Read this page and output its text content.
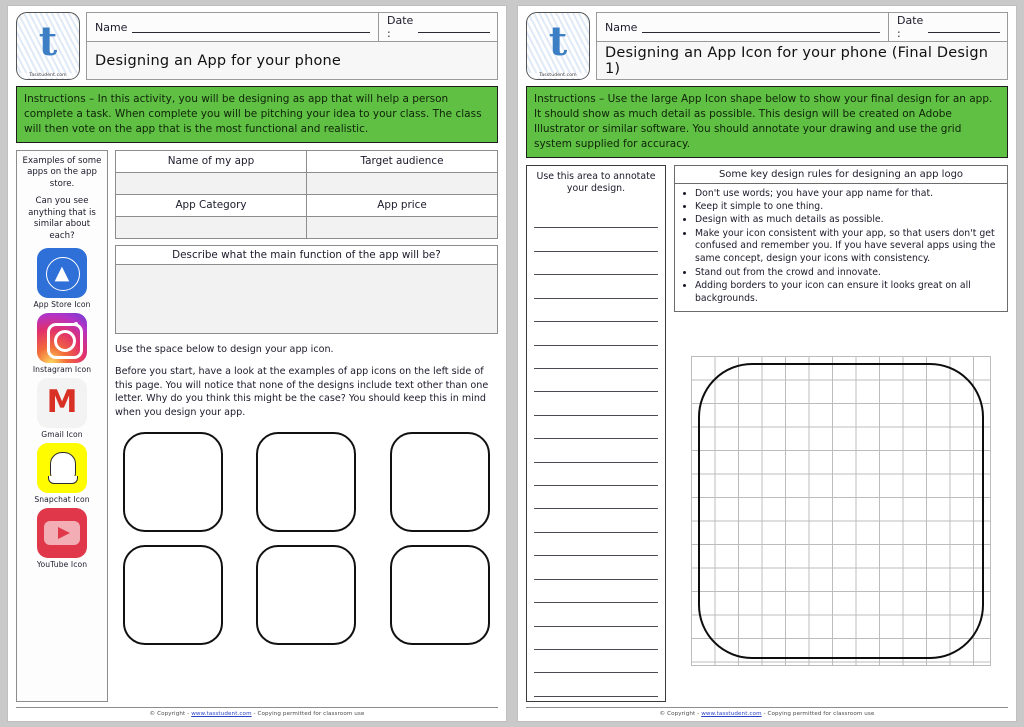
t
Tasstudent.com
Name	Date :
Designing an App for your phone
Instructions – In this activity, you will be designing as app that will help a person complete a task. When complete you will be pitching your idea to your class. The class will then vote on the app that is the most functional and realistic.
Examples of some apps on the app store.
Can you see anything that is similar about each?
▲
App Store Icon
Instagram Icon
M
Gmail Icon
Snapchat Icon
YouTube Icon
Name of my app	Target audience

App Category	App price

Describe what the main function of the app will be?
Use the space below to design your app icon.
Before you start, have a look at the examples of app icons on the left side of this page. You will notice that none of the designs include text other than one letter. Why do you think this might be the case? You should keep this in mind when you design your app.
© Copyright - www.tasstudent.com - Copying permitted for classroom use
t
Tasstudent.com
Name	Date :
Designing an App Icon for your phone (Final Design 1)
Instructions – Use the large App Icon shape below to show your final design for an app. It should show as much detail as possible. This design will be created on Adobe Illustrator or similar software. You should annotate your drawing and use the grid system supplied for accuracy.
Use this area to annotate your design.
Some key design rules for designing an app logo
• Don't use words; you have your app name for that.
• Keep it simple to one thing.
• Design with as much details as possible.
• Make your icon consistent with your app, so that users don't get confused and remember you. If you have several apps using the same concept, design your icons with consistency.
• Stand out from the crowd and innovate.
• Adding borders to your icon can ensure it looks great on all backgrounds.
© Copyright - www.tasstudent.com - Copying permitted for classroom use
